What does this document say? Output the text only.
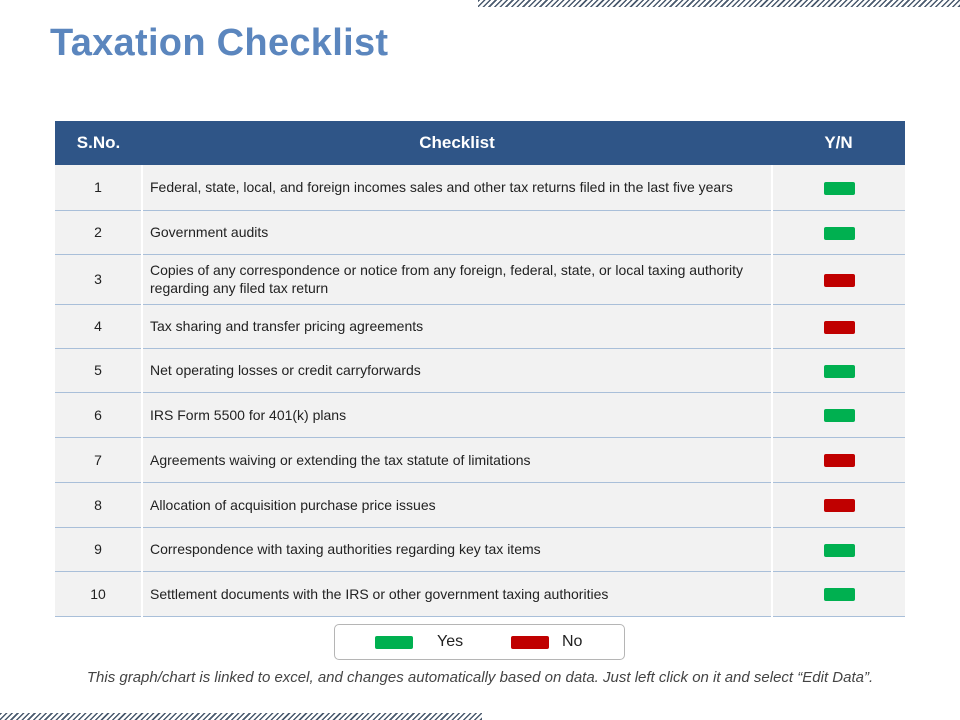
Taxation Checklist
S.No.	Checklist	Y/N
1	Federal, state, local, and foreign incomes sales and other tax returns filed in the last five years	
2	Government audits	
3	Copies of any correspondence or notice from any foreign, federal, state, or local taxing authority regarding any filed tax return	
4	Tax sharing and transfer pricing agreements	
5	Net operating losses or credit carryforwards	
6	IRS Form 5500 for 401(k) plans	
7	Agreements waiving or extending the tax statute of limitations	
8	Allocation of acquisition purchase price issues	
9	Correspondence with taxing authorities regarding key tax items	
10	Settlement documents with the IRS or other government taxing authorities	
Yes	No
This graph/chart is linked to excel, and changes automatically based on data. Just left click on it and select “Edit Data”.
